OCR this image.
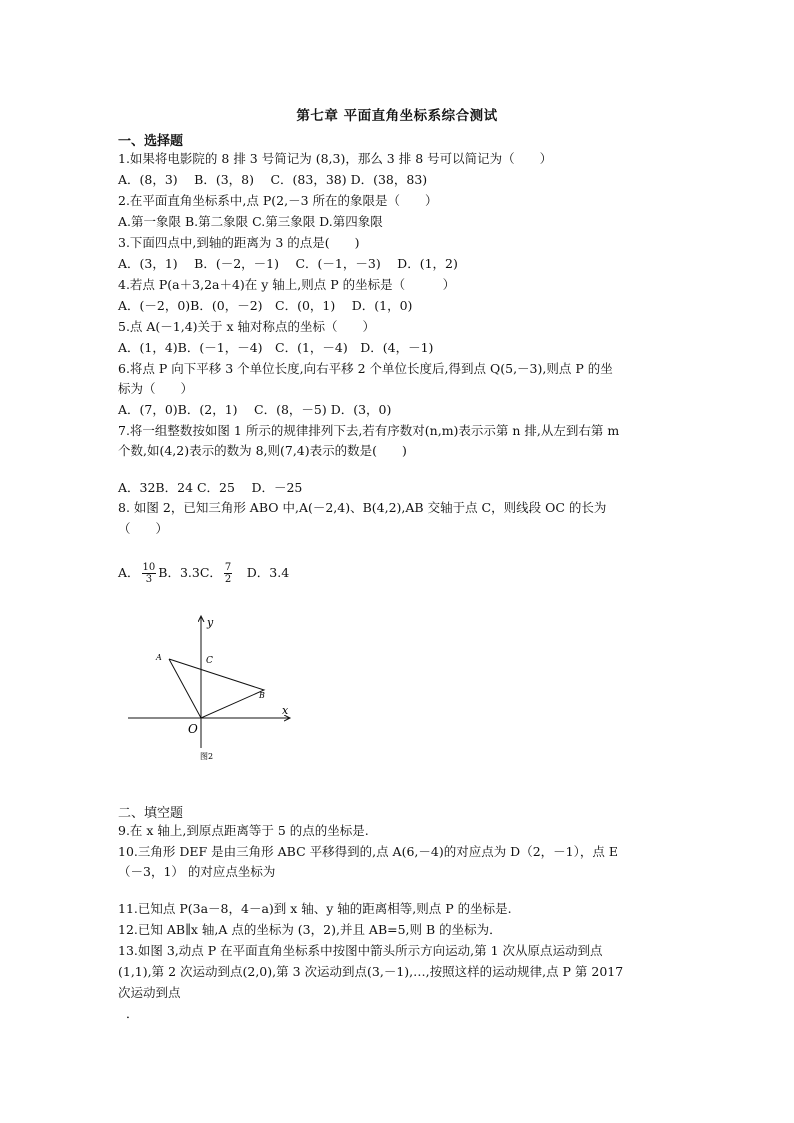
第七章 平面直角坐标系综合测试
一、选择题
1.如果将电影院的 8 排 3 号简记为 (8,3)，那么 3 排 8 号可以简记为（　　）
A．(8，3)　 B．(3，8)　 C．(83，38) D．(38，83)
2.在平面直角坐标系中,点 P(2,－3 所在的象限是（　　）
A.第一象限 B.第二象限 C.第三象限 D.第四象限
3.下面四点中,到轴的距离为 3 的点是(　　)
A．(3，1)　 B．(－2，－1)　 C．(－1，－3)　 D．(1，2)
4.若点 P(a＋3,2a＋4)在 y 轴上,则点 P 的坐标是（　　　）
A．(－2，0)B．(0，－2)　C．(0，1)　 D．(1，0)
5.点 A(－1,4)关于 x 轴对称点的坐标（　　）
A．(1，4)B．(－1，－4)　C．(1，－4)　D．(4，－1)
6.将点 P 向下平移 3 个单位长度,向右平移 2 个单位长度后,得到点 Q(5,－3),则点 P 的坐
标为（　　）
A．(7，0)B．(2，1)　 C．(8，－5) D．(3，0)
7.将一组整数按如图 1 所示的规律排列下去,若有序数对(n,m)表示示第 n 排,从左到右第 m
个数,如(4,2)表示的数为 8,则(7,4)表示的数是(　　)
A．32B．24 C．25　 D．－25
8. 如图 2，已知三角形 ABO 中,A(－2,4)、B(4,2),AB 交轴于点 C，则线段 OC 的长为
（　　）
A． $\frac{10}{3}$ B．3.3C． $\frac{7}{2}$ 　D．3.4
y
x
A
B
C
O
图2
二、填空题
9.在 x 轴上,到原点距离等于 5 的点的坐标是.
10.三角形 DEF 是由三角形 ABC 平移得到的,点 A(6,－4)的对应点为 D（2，－1），点 E
（－3，1） 的对应点坐标为
11.已知点 P(3a－8，4－a)到 x 轴、y 轴的距离相等,则点 P 的坐标是.
12.已知 AB∥x 轴,A 点的坐标为 (3，2),并且 AB=5,则 B 的坐标为．
13.如图 3,动点 P 在平面直角坐标系中按图中箭头所示方向运动,第 1 次从原点运动到点
(1,1),第 2 次运动到点(2,0),第 3 次运动到点(3,－1),…,按照这样的运动规律,点 P 第 2017
次运动到点
．
